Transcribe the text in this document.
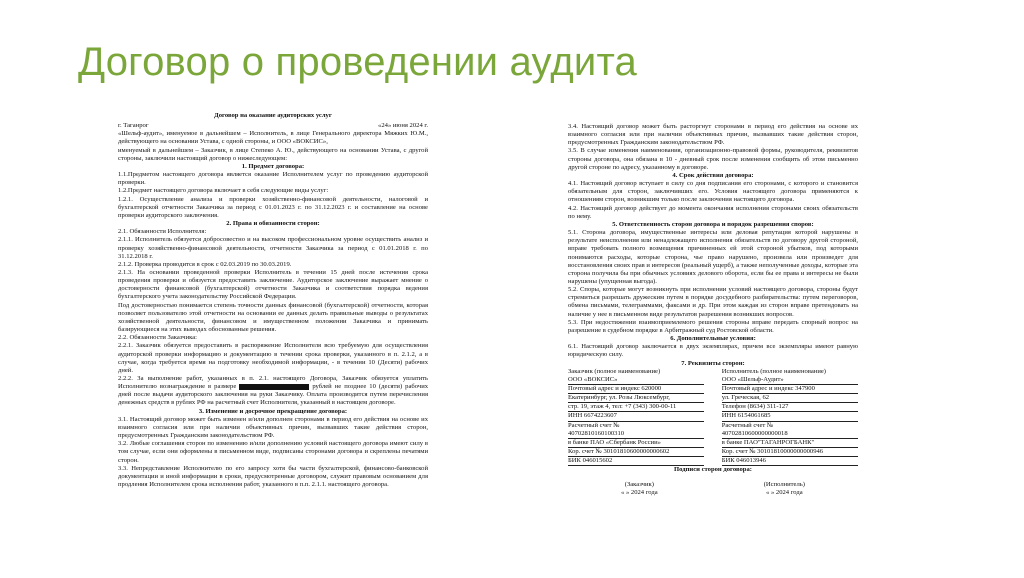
Договор о проведении аудита
Договор на оказание аудиторских услуг
г. Таганрог	«24» июня 2024 г.

«Шельф-аудит», именуемое в дальнейшем – Исполнитель, в лице Генерального директора Мяжких Ю.М., действующего на основании Устава, с одной стороны, и ООО «ВОКСИС»,

именуемый в дальнейшем – Заказчик, в лице Степеко А. Ю., действующего на основании Устава, с другой стороны, заключили настоящий договор о нижеследующем:

1. Предмет договора:

1.1.Предметом настоящего договора является оказание Исполнителем услуг по проведению аудиторской проверки.

1.2.Предмет настоящего договора включает в себя следующие виды услуг:

1.2.1. Осуществление анализа и проверки хозяйственно-финансовой деятельности, налоговой и бухгалтерской отчетности Заказчика за период с 01.01.2023 г. по 31.12.2023 г. и составление на основе проверки аудиторского заключения.

2. Права и обязанности сторон:

2.1. Обязанности Исполнителя:

2.1.1. Исполнитель обязуется добросовестно и на высоком профессиональном уровне осуществить анализ и проверку хозяйственно-финансовой деятельности, отчетности Заказчика за период с 01.01.2018 г. по 31.12.2018 г.

2.1.2. Проверка проводится в срок с 02.03.2019 по 30.03.2019.

2.1.3. На основании проведенной проверки Исполнитель в течении 15 дней после истечения срока проведения проверки и обязуется предоставить заключение. Аудиторское заключение выражает мнение о достоверности финансовой (бухгалтерской) отчетности Заказчика и соответствия порядка ведения бухгалтерского учета законодательству Российской Федерации.

Под достоверностью понимается степень точности данных финансовой (бухгалтерской) отчетности, которая позволяет пользователю этой отчетности на основании ее данных делать правильные выводы о результатах хозяйственной деятельности, финансовом и имущественном положении Заказчика и принимать базирующиеся на этих выводах обоснованные решения.

2.2. Обязанности Заказчика:

2.2.1. Заказчик обязуется предоставить в распоряжение Исполнителя всю требуемую для осуществления аудиторской проверки информацию и документацию в течении срока проверки, указанного в п. 2.1.2, а в случае, когда требуется время на подготовку необходимой информации, - в течении 10 (Десяти) рабочих дней.

2.2.2. За выполнение работ, указанных в п. 2.1. настоящего Договора, Заказчик обязуется уплатить Исполнителю вознаграждение в размере	рублей не позднее 10 (десяти) рабочих дней после выдачи аудиторского заключения на руки Заказчику. Оплата производится путем перечисления денежных средств в рублях РФ на расчетный счет Исполнителя, указанный в настоящем договоре.

3. Изменение и досрочное прекращение договора:

3.1. Настоящий договор может быть изменен и/или дополнен сторонами в период его действия на основе их взаимного согласия или при наличии объективных причин, вызвавших такие действия сторон, предусмотренных Гражданским законодательством РФ.

3.2. Любые соглашения сторон по изменению и/или дополнению условий настоящего договора имеют силу в том случае, если они оформлены в письменном виде, подписаны сторонами договора и скреплены печатями сторон.

3.3. Непредставление Исполнителю по его запросу хотя бы части бухгалтерской, финансово-банковской документации и иной информации в сроки, предусмотренные договором, служит правовым основанием для продления Исполнителем срока исполнения работ, указанного в п.п. 2.1.1. настоящего договора.

3.4. Настоящий договор может быть расторгнут сторонами в период его действия на основе их взаимного согласия или при наличии объективных причин, вызвавших такие действия сторон, предусмотренных Гражданским законодательством РФ.

3.5. В случае изменения наименования, организационно-правовой формы, руководителя, реквизитов стороны договора, она обязана в 10 - дневный срок после изменения сообщить об этом письменно другой стороне по адресу, указанному в договоре.

4. Срок действия договора:

4.1. Настоящий договор вступает в силу со дня подписания его сторонами, с которого и становится обязательным для сторон, заключивших его. Условия настоящего договора применяются к отношениям сторон, возникшим только после заключения настоящего договора.

4.2. Настоящий договор действует до момента окончания исполнения сторонами своих обязательств по нему.

5. Ответственность сторон договора и порядок разрешения споров:

5.1. Сторона договора, имущественные интересы или деловая репутация которой нарушены в результате неисполнения или ненадлежащего исполнения обязательств по договору другой стороной, вправе требовать полного возмещения причиненных ей этой стороной убытков, под которыми понимаются расходы, которые сторона, чье право нарушено, произвела или произведет для восстановления своих прав и интересов (реальный ущерб), а также неполученные доходы, которые эта сторона получила бы при обычных условиях делового оборота, если бы ее права и интересы не были нарушены (упущенная выгода).

5.2. Споры, которые могут возникнуть при исполнении условий настоящего договора, стороны будут стремиться разрешать дружеским путем в порядке досудебного разбирательства: путем переговоров, обмена письмами, телеграммами, факсами и др. При этом каждая из сторон вправе претендовать на наличие у нее в письменном виде результатов разрешения возникших вопросов.

5.3. При недостижении взаимоприемлемого решения стороны вправе передать спорный вопрос на разрешение в судебном порядке в Арбитражный суд Ростовской области.

6. Дополнительные условия:

6.1. Настоящий договор заключается в двух экземплярах, причем все экземпляры имеют равную юридическую силу.

7. Реквизиты сторон:
Заказчик (полное наименование)
ООО «ВОКСИС»
Почтовый адрес и индекс 620000
Екатеринбург, ул. Розы Люксембург,
стр. 19, этаж 4, тел: +7 (343) 300-00-11
ИНН 6674223607
Расчетный счет №
40702810160100310
в банке ПАО «Сбербанк России»
Кор. счет № 30101810600000000602
БИК 046015602
Исполнитель (полное наименование)
ООО «Шельф-Аудит»
Почтовый адрес и индекс 347900
ул. Греческая, 62
Телефон (8634) 311-127
ИНН 6154061685
Расчетный счет №
40702810600000000018
в банке ПАО"ТАГАНРОГБАНК"
Кор. счет № 30101810000000000946
БИК 046013946
Подписи сторон договора:
(Заказчик)
« » 2024 года
(Исполнитель)
« » 2024 года
